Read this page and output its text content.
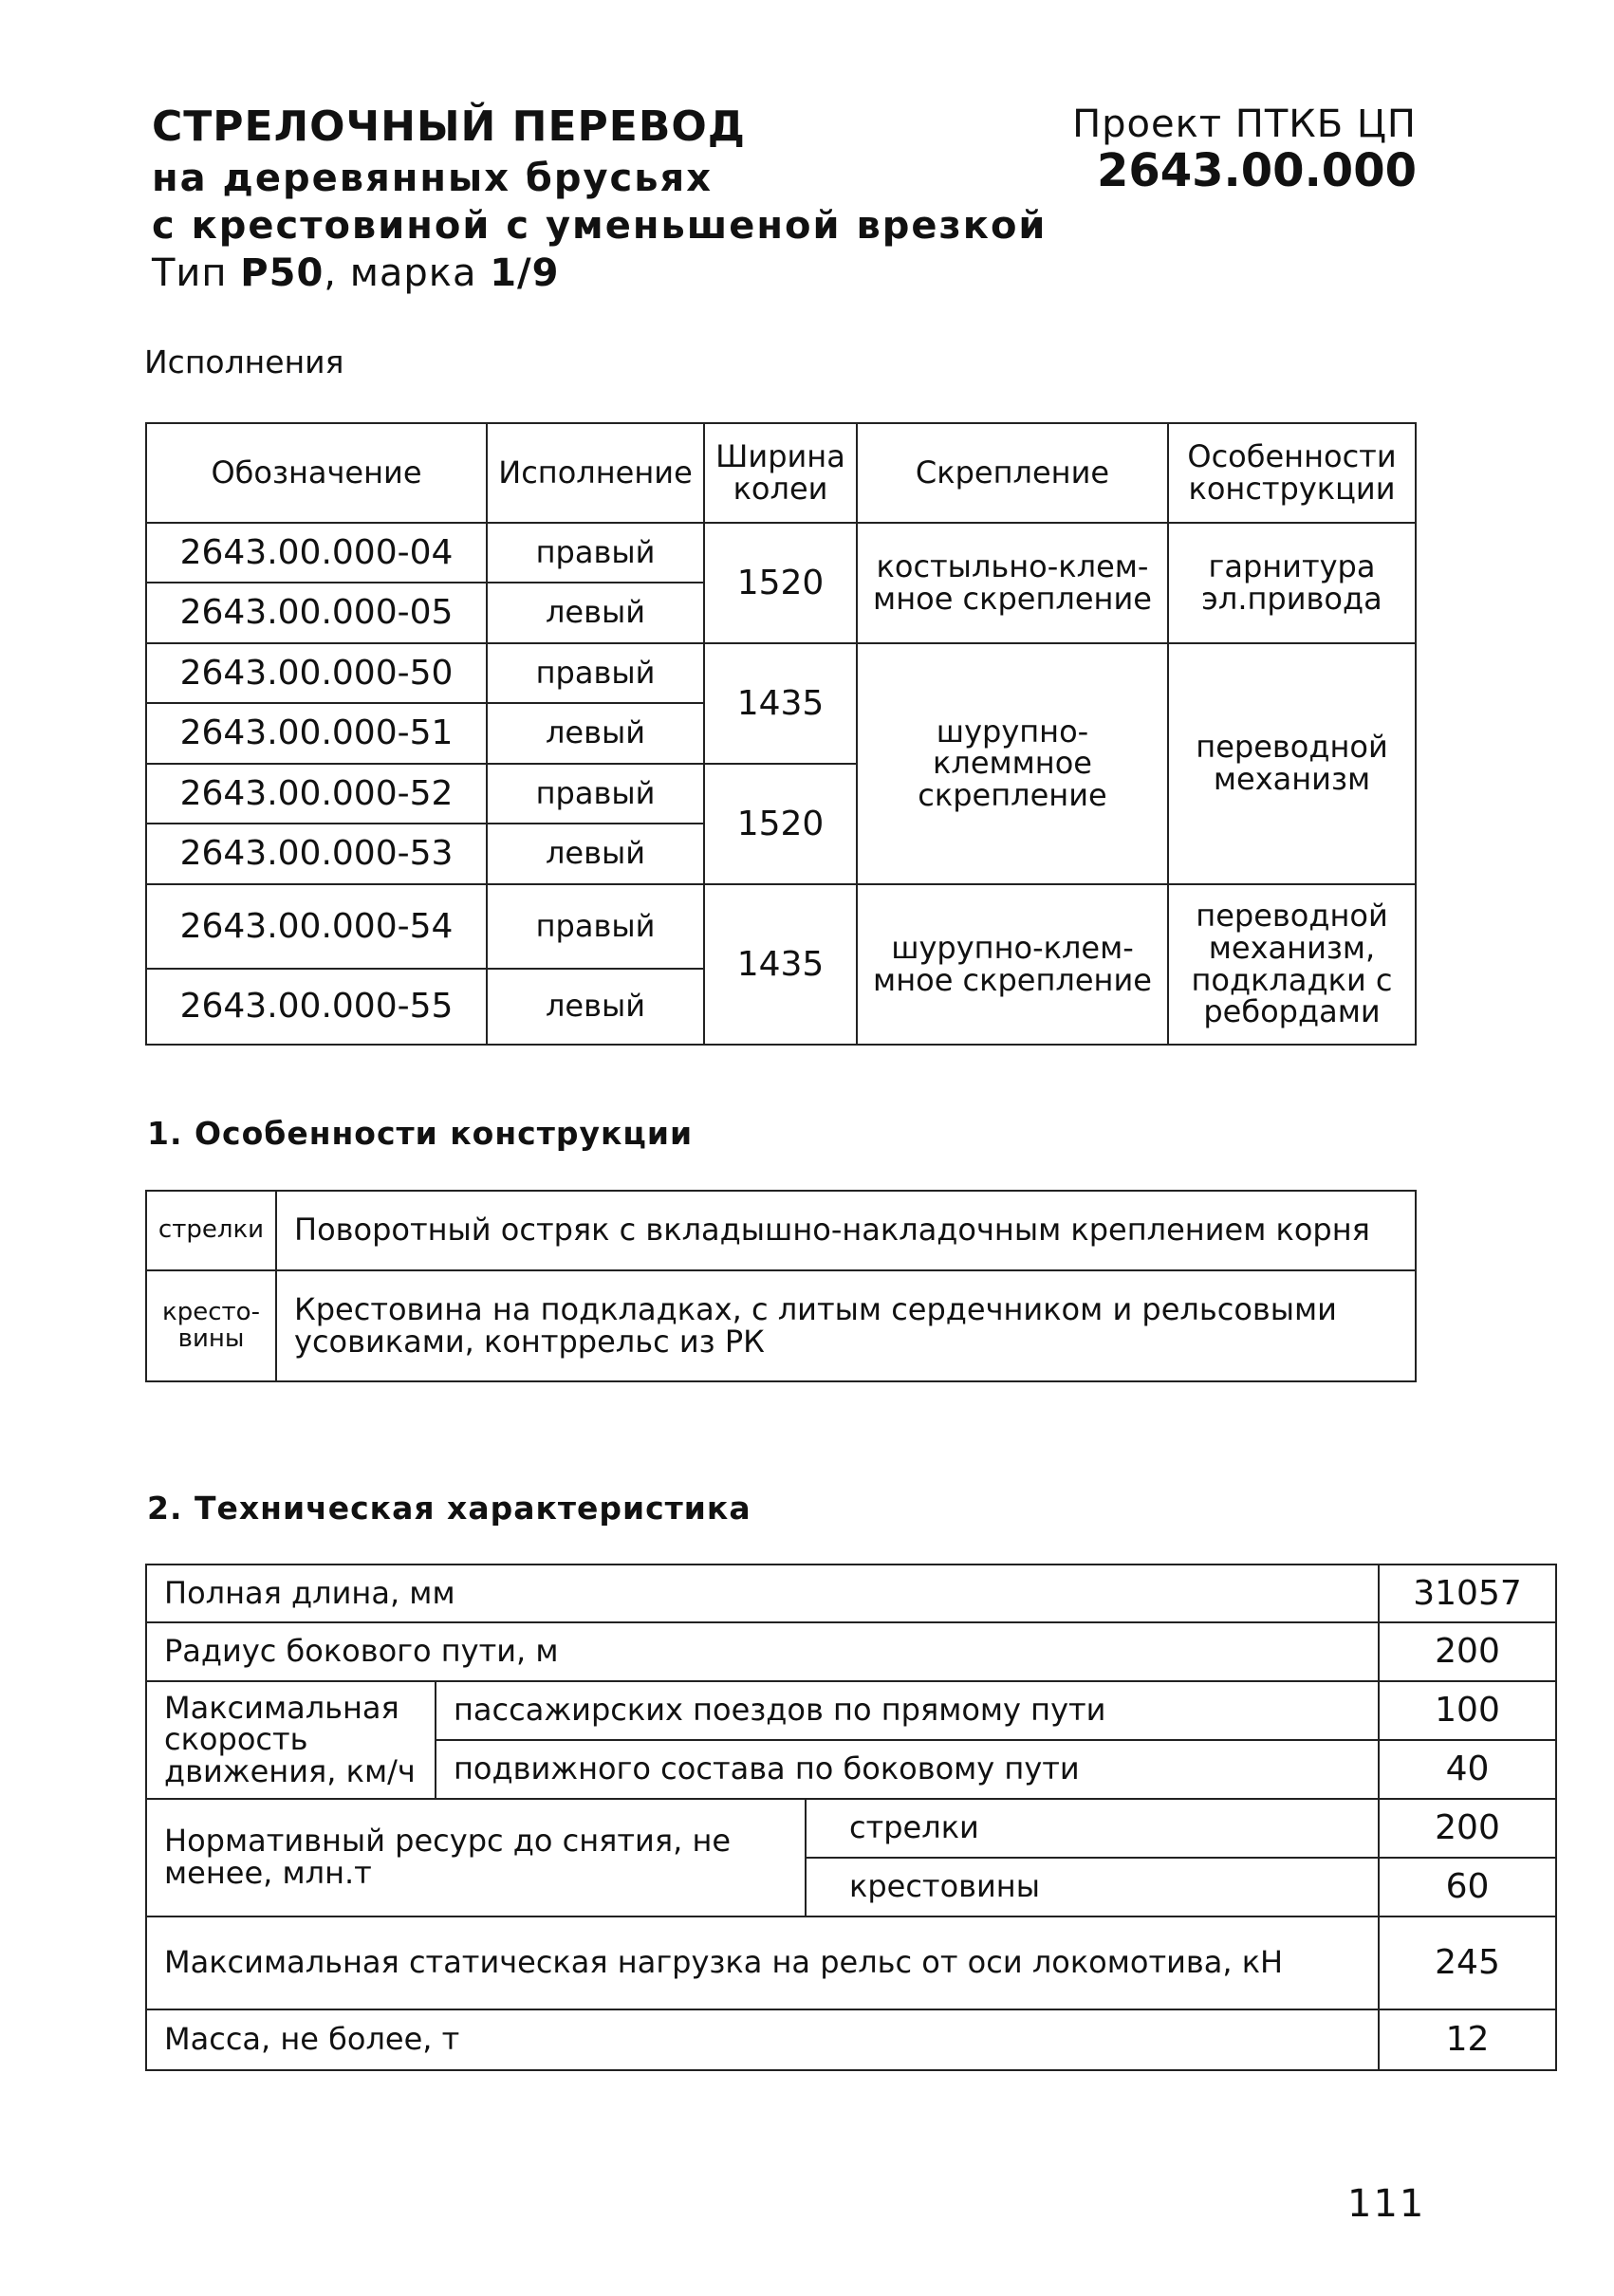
СТРЕЛОЧНЫЙ ПЕРЕВОД
на деревянных брусьях
с крестовиной с уменьшеной врезкой
Тип Р50, марка 1/9
Проект ПТКБ ЦП
2643.00.000
Исполнения
Обозначение	Исполнение	Ширина колеи	Скрепление	Особенности конструкции
2643.00.000-04	правый	1520	костыльно-клем-мное скрепление	гарнитура эл.привода
2643.00.000-05	левый			
2643.00.000-50	правый	1435	шурупно-клеммное скрепление	переводной механизм
2643.00.000-51	левый			
2643.00.000-52	правый	1520		
2643.00.000-53	левый			
2643.00.000-54	правый	1435	шурупно-клем-мное скрепление	переводной механизм, подкладки с ребордами
2643.00.000-55	левый			
1. Особенности конструкции
стрелки	Поворотный остряк с вкладышно-накладочным креплением корня
кресто-вины	Крестовина на подкладках, с литым сердечником и рельсовыми усовиками, контррельс из РК
2. Техническая характеристика
Полная длина, мм			31057
Радиус бокового пути, м			200
Максимальная скорость движения, км/ч	пассажирских поездов по прямому пути		100
	подвижного состава по боковому пути		40
Нормативный ресурс до снятия, не менее, млн.т		стрелки	200
		крестовины	60
Максимальная статическая нагрузка на рельс от оси локомотива, кН			245
Масса, не более, т			12
111
